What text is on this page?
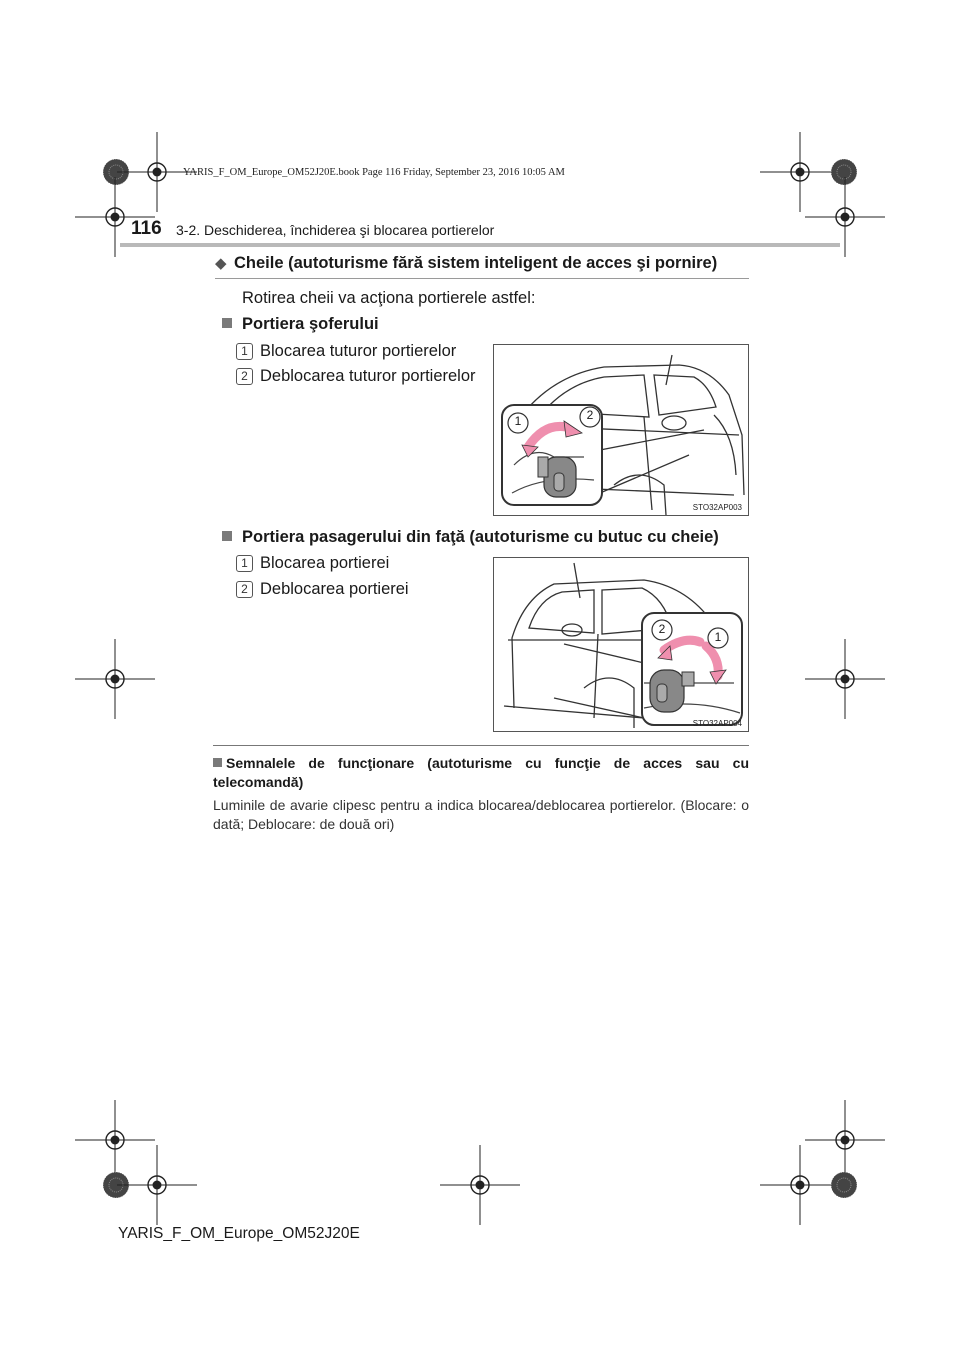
YARIS_F_OM_Europe_OM52J20E.book Page 116 Friday, September 23, 2016 10:05 AM
116 3-2. Deschiderea, închiderea şi blocarea portierelor
◆ Cheile (autoturisme fără sistem inteligent de acces şi pornire)
Rotirea cheii va acţiona portierele astfel:
Portiera şoferului
1 Blocarea tuturor portierelor
2 Deblocarea tuturor portierelor
1	2
STO32AP003
Portiera pasagerului din faţă (autoturisme cu butuc cu cheie)
1 Blocarea portierei
2 Deblocarea portierei
2
1
STO32AP004
Semnalele de funcţionare (autoturisme cu funcţie de acces sau cu telecomandă)
Luminile de avarie clipesc pentru a indica blocarea/deblocarea portierelor. (Blocare: o dată; Deblocare: de două ori)
YARIS_F_OM_Europe_OM52J20E
